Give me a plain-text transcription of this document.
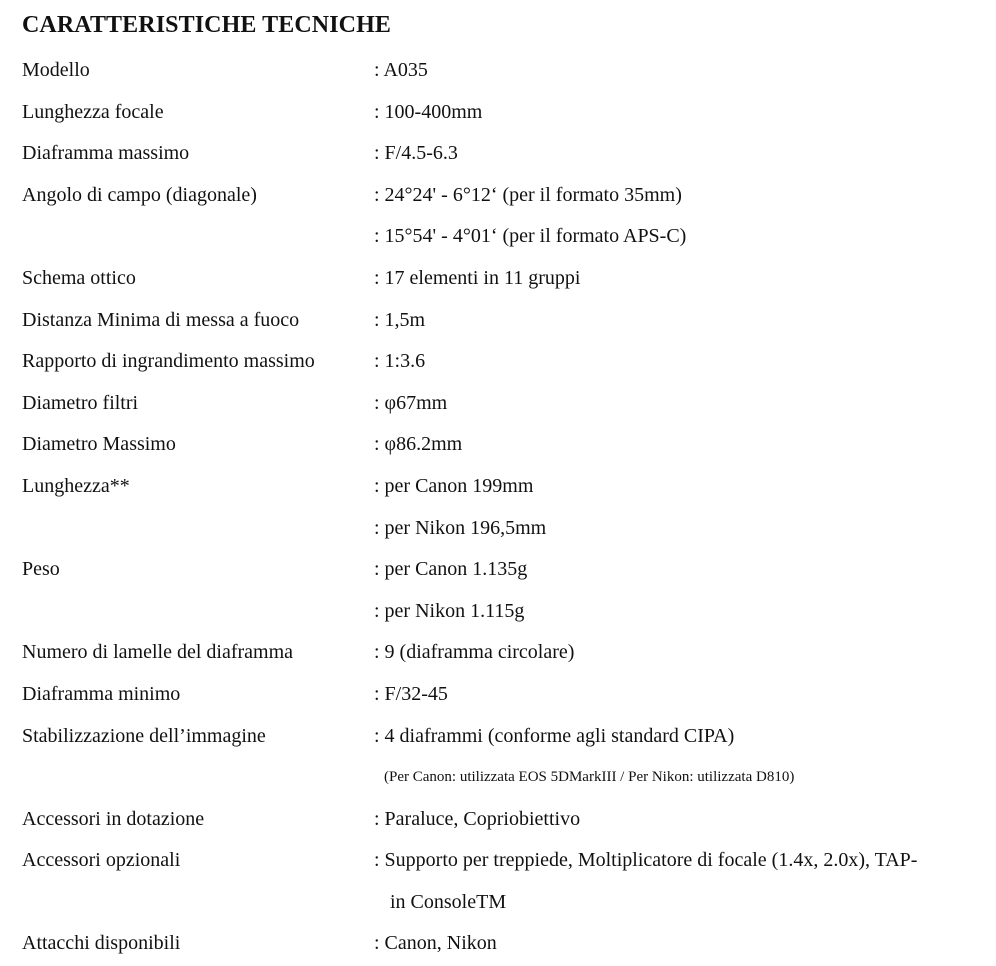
CARATTERISTICHE TECNICHE
Modello	: A035
Lunghezza focale	: 100-400mm
Diaframma massimo	: F/4.5-6.3
Angolo di campo (diagonale)	: 24°24' - 6°12‘ (per il formato 35mm)
: 15°54' - 4°01‘ (per il formato APS-C)
Schema ottico	: 17 elementi in 11 gruppi
Distanza Minima di messa a fuoco	: 1,5m
Rapporto di ingrandimento massimo	: 1:3.6
Diametro filtri	: φ67mm
Diametro Massimo	: φ86.2mm
Lunghezza**	: per Canon 199mm
: per Nikon 196,5mm
Peso	: per Canon 1.135g
: per Nikon 1.115g
Numero di lamelle del diaframma	: 9 (diaframma circolare)
Diaframma minimo	: F/32-45
Stabilizzazione dell’immagine	: 4 diaframmi (conforme agli standard CIPA)
(Per Canon: utilizzata EOS 5DMarkIII / Per Nikon: utilizzata D810)
Accessori in dotazione	: Paraluce, Copriobiettivo
Accessori opzionali	: Supporto per treppiede, Moltiplicatore di focale (1.4x, 2.0x), TAP-
in ConsoleTM
Attacchi disponibili	: Canon, Nikon
